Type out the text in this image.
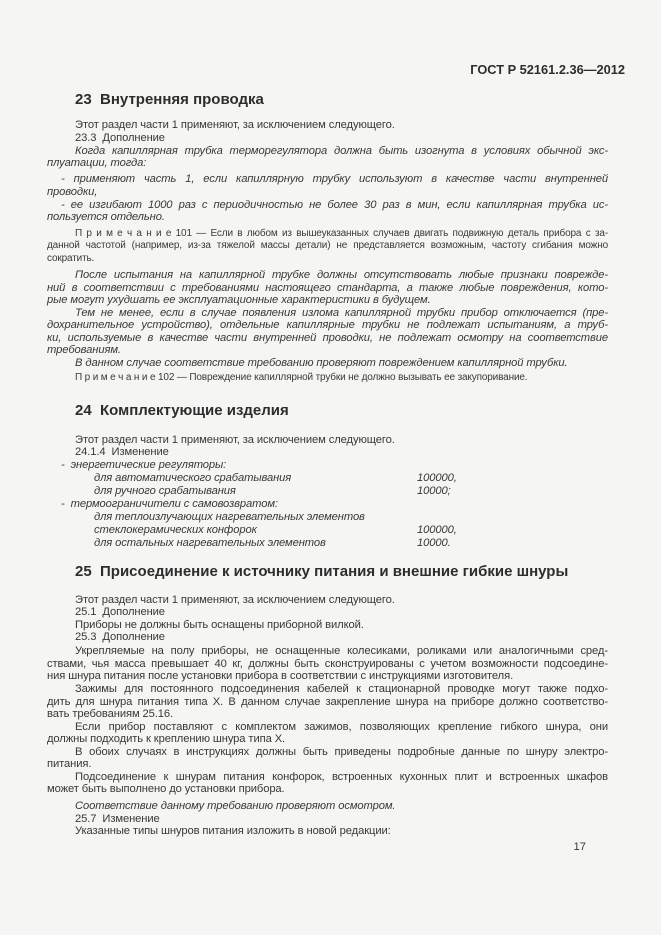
ГОСТ Р 52161.2.36—2012
23  Внутренняя проводка
Этот раздел части 1 применяют, за исключением следующего.
23.3  Дополнение
Когда капиллярная трубка терморегулятора должна быть изогнута в условиях обычной экс-
плуатации, тогда:
- применяют часть 1, если капиллярную трубку используют в качестве части внутренней
проводки,
- ее изгибают 1000 раз с периодичностью не более 30 раз в мин, если капиллярная трубка ис-
пользуется отдельно.
П р и м е ч а н и е 101 — Если в любом из вышеуказанных случаев двигать подвижную деталь прибора с за-
данной частотой (например, из-за тяжелой массы детали) не представляется возможным, частоту сгибания можно
сократить.
После испытания на капиллярной трубке должны отсутствовать любые признаки поврежде-
ний в соответствии с требованиями настоящего стандарта, а также любые повреждения, кото-
рые могут ухудшать ее эксплуатационные характеристики в будущем.
Тем не менее, если в случае появления излома капиллярной трубки прибор отключается (пре-
дохранительное устройство), отдельные капиллярные трубки не подлежат испытаниям, а труб-
ки, используемые в качестве части внутренней проводки, не подлежат осмотру на соответствие
требованиям.
В данном случае соответствие требованию проверяют повреждением капиллярной трубки.
П р и м е ч а н и е 102 — Повреждение капиллярной трубки не должно вызывать ее закупоривание.
24  Комплектующие изделия
Этот раздел части 1 применяют, за исключением следующего.
24.1.4  Изменение
-  энергетические регуляторы:
для автоматического срабатывания	100000,
для ручного срабатывания	10000;
-  термоограничители с самовозвратом:
для теплоизлучающих нагревательных элементов
стеклокерамических конфорок	100000,
для остальных нагревательных элементов	10000.
25  Присоединение к источнику питания и внешние гибкие шнуры
Этот раздел части 1 применяют, за исключением следующего.
25.1  Дополнение
Приборы не должны быть оснащены приборной вилкой.
25.3  Дополнение
Укрепляемые на полу приборы, не оснащенные колесиками, роликами или аналогичными сред-
ствами, чья масса превышает 40 кг, должны быть сконструированы с учетом возможности подсоедине-
ния шнура питания после установки прибора в соответствии с инструкциями изготовителя.
Зажимы для постоянного подсоединения кабелей к стационарной проводке могут также подхо-
дить для шнура питания типа X. В данном случае закрепление шнура на приборе должно соответство-
вать требованиям 25.16.
Если прибор поставляют с комплектом зажимов, позволяющих крепление гибкого шнура, они
должны подходить к креплению шнура типа X.
В обоих случаях в инструкциях должны быть приведены подробные данные по шнуру электро-
питания.
Подсоединение к шнурам питания конфорок, встроенных кухонных плит и встроенных шкафов
может быть выполнено до установки прибора.
Соответствие данному требованию проверяют осмотром.
25.7  Изменение
Указанные типы шнуров питания изложить в новой редакции:
17
